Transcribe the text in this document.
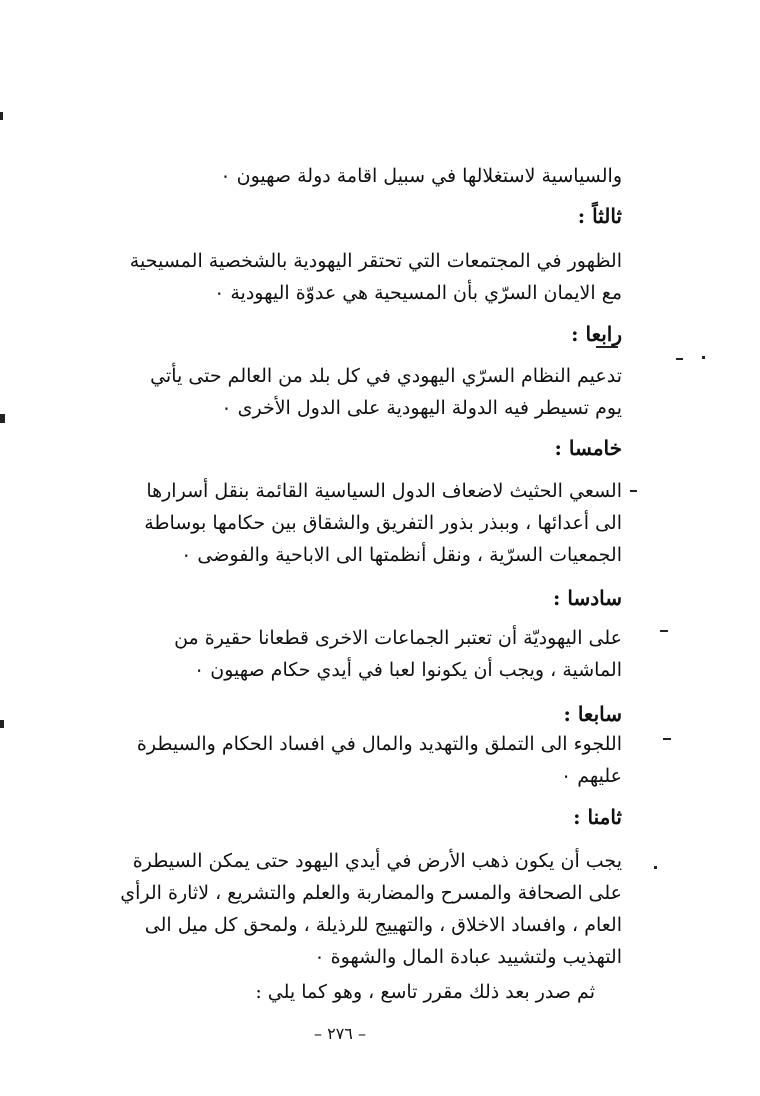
والسياسية لاستغلالها في سبيل اقامة دولة صهيون ٠
ثالثاً :
الظهور في المجتمعات التي تحتقر اليهودية بالشخصية المسيحية
مع الايمان السرّي بأن المسيحية هي عدوّة اليهودية ٠
رابعا :
تدعيم النظام السرّي اليهودي في كل بلد من العالم حتى يأتي
يوم تسيطر فيه الدولة اليهودية على الدول الأخرى ٠
خامسا :
السعي الحثيث لاضعاف الدول السياسية القائمة بنقل أسرارها
الى أعدائها ، وببذر بذور التفريق والشقاق بين حكامها بوساطة
الجمعيات السرّية ، ونقل أنظمتها الى الاباحية والفوضى ٠
سادسا :
على اليهوديّة أن تعتبر الجماعات الاخرى قطعانا حقيرة من
الماشية ، ويجب أن يكونوا لعبا في أيدي حكام صهيون ٠
سابعا :
اللجوء الى التملق والتهديد والمال في افساد الحكام والسيطرة
عليهم ٠
ثامنا :
يجب أن يكون ذهب الأرض في أيدي اليهود حتى يمكن السيطرة
على الصحافة والمسرح والمضاربة والعلم والتشريع ، لاثارة الرأي
العام ، وافساد الاخلاق ، والتهييج للرذيلة ، ولمحق كل ميل الى
التهذيب ولتشييد عبادة المال والشهوة ٠
ثم صدر بعد ذلك مقرر تاسع ، وهو كما يلي :
– ٢٧٦ –
